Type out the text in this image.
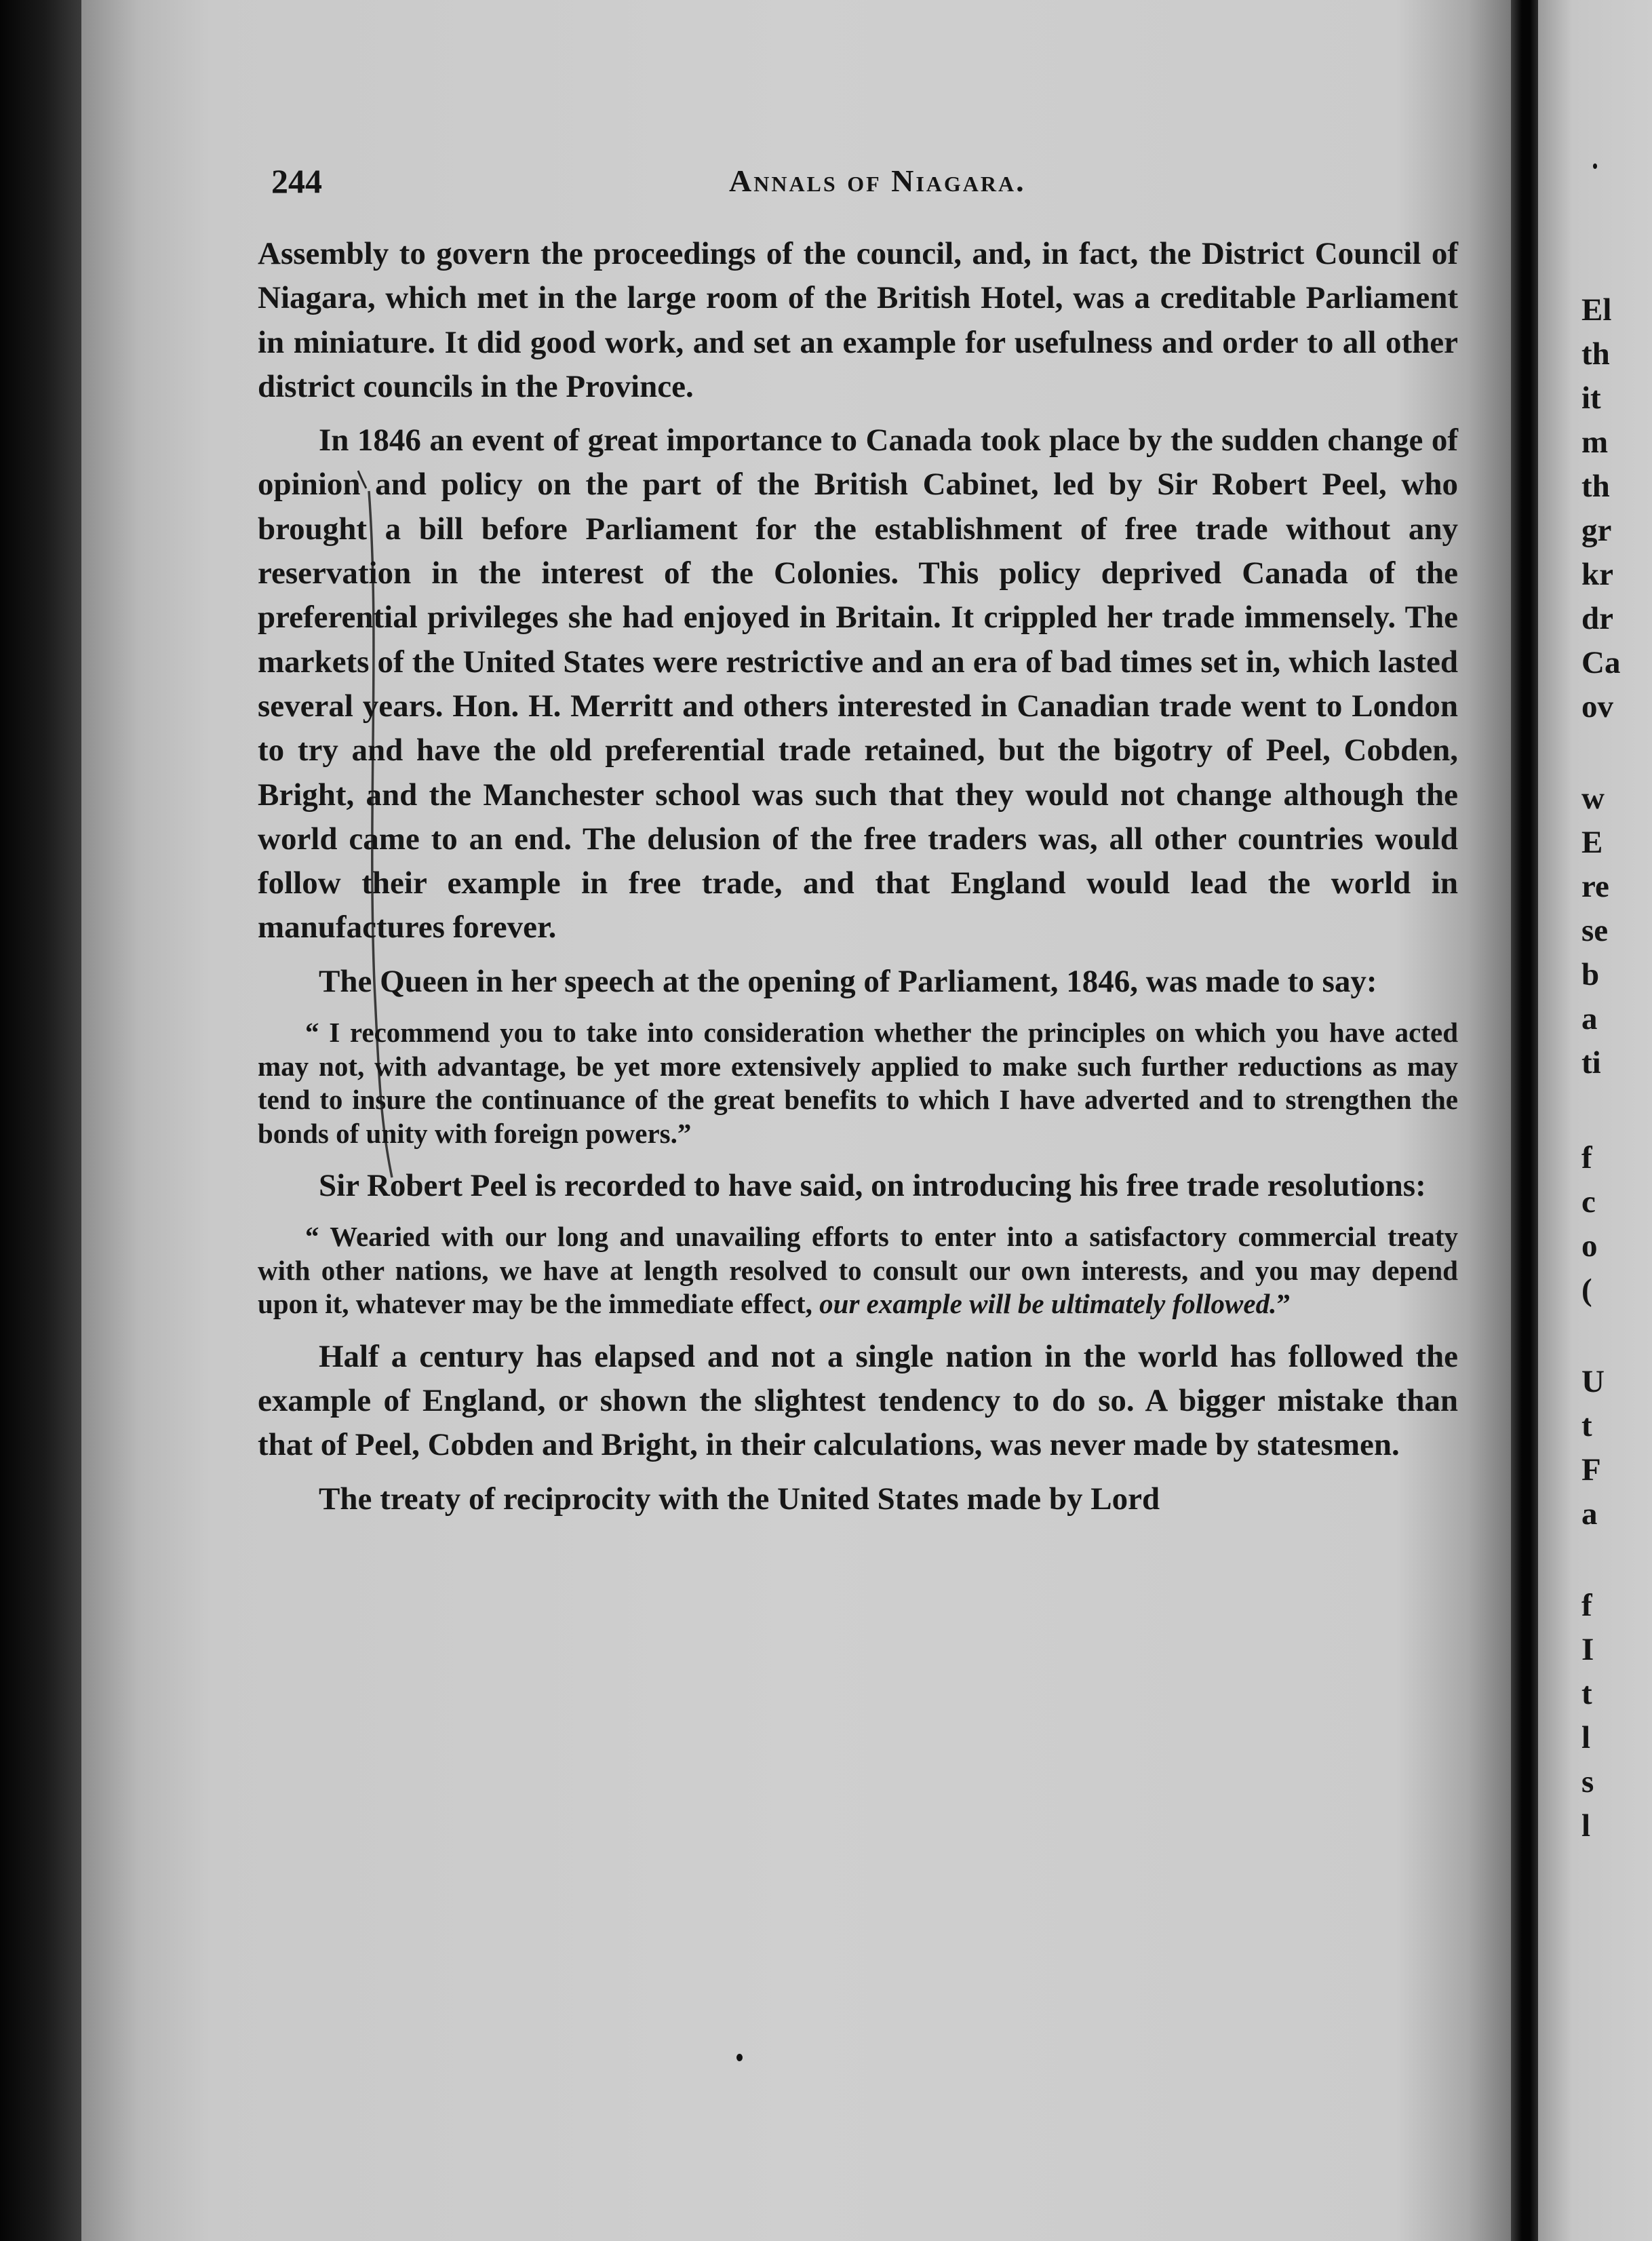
El

th

it

m

th

gr

kr

dr

Ca

ov

w

E

re

se

b

a

ti

f

c

o

(

U

t

F

a

f

I

t

l

s

l

244	Annals of Niagara.

Assembly to govern the proceedings of the council, and, in fact, the District Council of Niagara, which met in the large room of the British Hotel, was a creditable Parliament in miniature. It did good work, and set an example for usefulness and order to all other district councils in the Province.

In 1846 an event of great importance to Canada took place by the sudden change of opinion and policy on the part of the British Cabinet, led by Sir Robert Peel, who brought a bill before Parliament for the establishment of free trade without any reservation in the interest of the Colonies. This policy deprived Canada of the preferential privileges she had enjoyed in Britain. It crippled her trade immensely. The markets of the United States were restrictive and an era of bad times set in, which lasted several years. Hon. H. Merritt and others interested in Canadian trade went to London to try and have the old preferential trade retained, but the bigotry of Peel, Cobden, Bright, and the Manchester school was such that they would not change although the world came to an end. The delusion of the free traders was, all other countries would follow their example in free trade, and that England would lead the world in manufactures forever.

The Queen in her speech at the opening of Parliament, 1846, was made to say:

“ I recommend you to take into consideration whether the principles on which you have acted may not, with advantage, be yet more extensively applied to make such further reductions as may tend to insure the continuance of the great benefits to which I have adverted and to strengthen the bonds of unity with foreign powers.”

Sir Robert Peel is recorded to have said, on introducing his free trade resolutions:

“ Wearied with our long and unavailing efforts to enter into a satisfactory commercial treaty with other nations, we have at length resolved to consult our own interests, and you may depend upon it, whatever may be the immediate effect, our example will be ultimately followed.”

Half a century has elapsed and not a single nation in the world has followed the example of England, or shown the slightest tendency to do so. A bigger mistake than that of Peel, Cobden and Bright, in their calculations, was never made by statesmen.

The treaty of reciprocity with the United States made by Lord
